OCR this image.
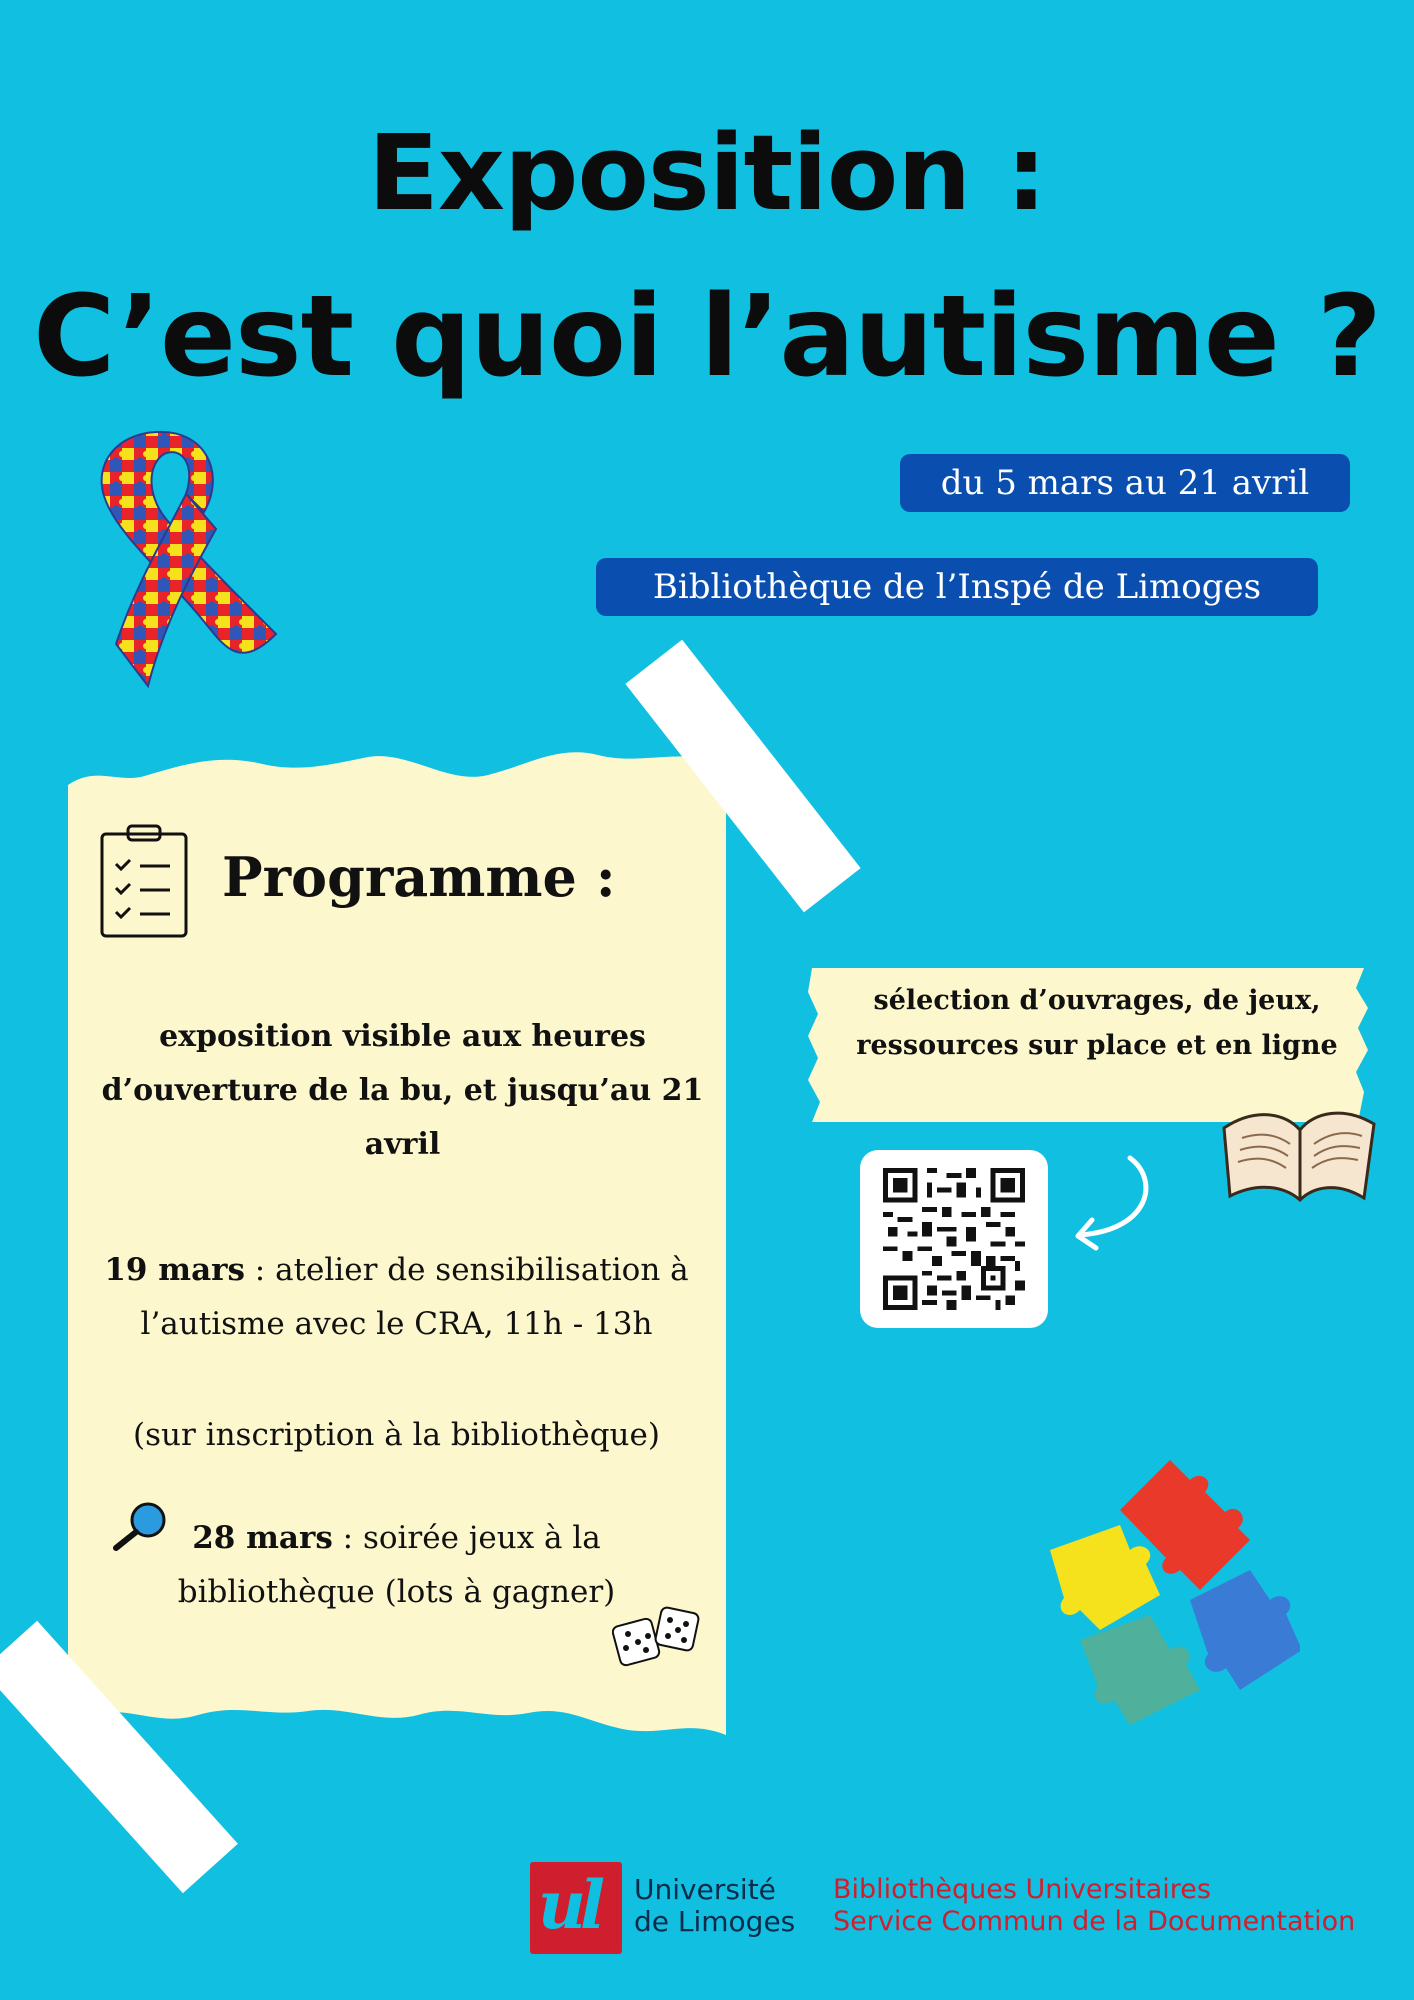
Exposition :
C’est quoi l’autisme ?
du 5 mars au 21 avril
Bibliothèque de l’Inspé de Limoges
Programme :
exposition visible aux heures d’ouverture de la bu, et jusqu’au 21 avril
19 mars : atelier de sensibilisation à l’autisme avec le CRA, 11h - 13h
(sur inscription à la bibliothèque)
28 mars : soirée jeux à la
bibliothèque (lots à gagner)
sélection d’ouvrages, de jeux, ressources sur place et en ligne
ul Université
de Limoges
Bibliothèques Universitaires
Service Commun de la Documentation
